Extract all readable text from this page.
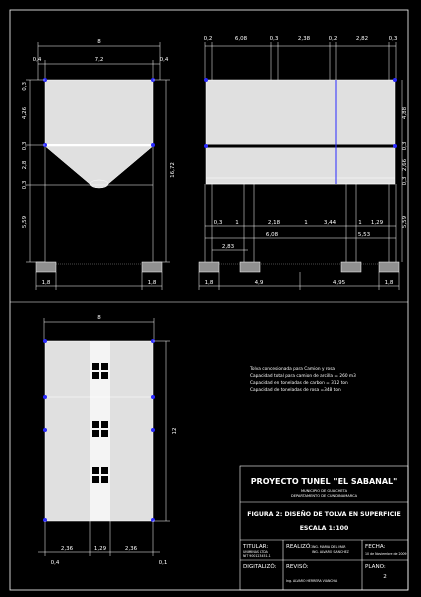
8
0,4	7,2	0,4
0,3
4,26
0,3
2,8
0,3
5,59
16,72
1,8	1,8
0,2	6,08	0,3	2,38	0,2	2,82	0,3
4,88
0,3
2,66
0,3
5,59
0,3 1	2,18	1	3,44	1 1,29
6,08	5,53
2,83
1,8	4,9	4,95	1,8
8
12
2,36	1,29	2,36
0,4	0,1
Tolva concesionada para Camion y rosa
Capacidad total para camion de arcilla = 260 m3
Capacidad en toneladas de carbon = 312 ton
Capacidad de toneladas de rosa =348 ton
PROYECTO TUNEL "EL SABANAL"
MUNICIPIO DE GUACHETA
DEPARTAMENTO DE CUNDINAMARCA
FIGURA 2: DISEÑO DE TOLVA EN SUPERFICIE
ESCALA 1:100
TITULAR:
UNIMINAS LTDA
NIT 900123451-1
REALIZÓ: ING. MARIA DEL MAR
ING. ALVARO SANCHEZ
FECHA:
10 de Noviembre de 2009
DIGITALIZÓ: REVISÓ:
Ing. ALVARO HERRERA VIANCHA
PLANO:
2
